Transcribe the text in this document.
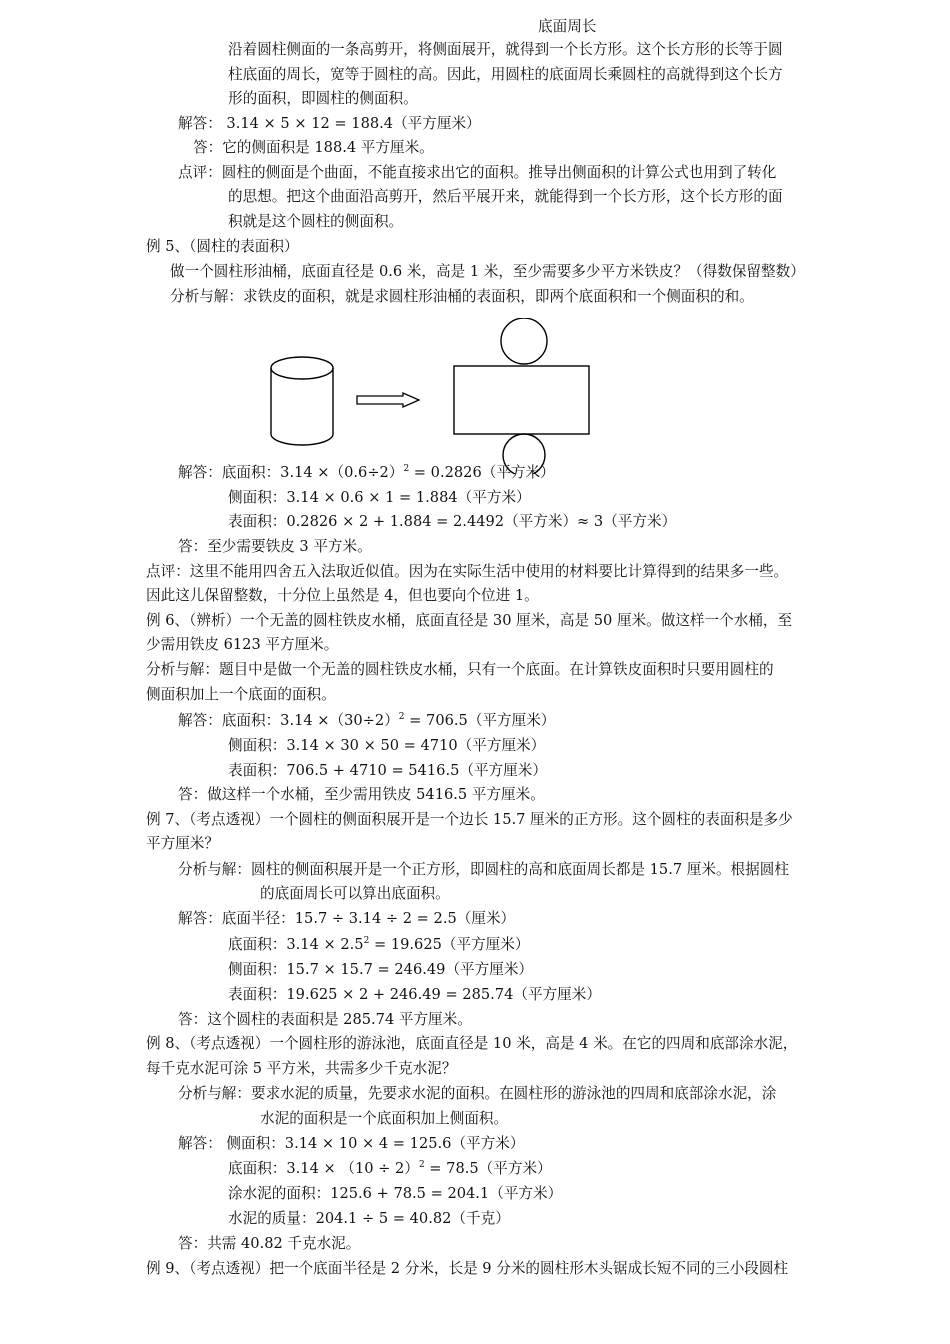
底面周长
沿着圆柱侧面的一条高剪开，将侧面展开，就得到一个长方形。这个长方形的长等于圆
柱底面的周长，宽等于圆柱的高。因此，用圆柱的底面周长乘圆柱的高就得到这个长方
形的面积，即圆柱的侧面积。
解答： 3.14 × 5 × 12 = 188.4（平方厘米）
答：它的侧面积是 188.4 平方厘米。
点评：圆柱的侧面是个曲面，不能直接求出它的面积。推导出侧面积的计算公式也用到了转化
的思想。把这个曲面沿高剪开，然后平展开来，就能得到一个长方形，这个长方形的面
积就是这个圆柱的侧面积。
例 5、（圆柱的表面积）
做一个圆柱形油桶，底面直径是 0.6 米，高是 1 米，至少需要多少平方米铁皮？（得数保留整数）
分析与解：求铁皮的面积，就是求圆柱形油桶的表面积，即两个底面积和一个侧面积的和。
解答：底面积：$3.14 \times(0.6\div 2)^2 = 0.2826$（平方米）
侧面积：3.14 × 0.6 × 1 = 1.884（平方米）
表面积：0.2826 × 2 + 1.884 = 2.4492（平方米）≈ 3（平方米）
答：至少需要铁皮 3 平方米。
点评：这里不能用四舍五入法取近似值。因为在实际生活中使用的材料要比计算得到的结果多一些。
因此这儿保留整数，十分位上虽然是 4，但也要向个位进 1。
例 6、（辨析）一个无盖的圆柱铁皮水桶，底面直径是 30 厘米，高是 50 厘米。做这样一个水桶，至
少需用铁皮 6123 平方厘米。
分析与解：题目中是做一个无盖的圆柱铁皮水桶，只有一个底面。在计算铁皮面积时只要用圆柱的
侧面积加上一个底面的面积。
解答：底面积：$3.14 \times(30\div 2)^2 = 706.5$（平方厘米）
侧面积：3.14 × 30 × 50 = 4710（平方厘米）
表面积：706.5 + 4710 = 5416.5（平方厘米）
答：做这样一个水桶，至少需用铁皮 5416.5 平方厘米。
例 7、（考点透视）一个圆柱的侧面积展开是一个边长 15.7 厘米的正方形。这个圆柱的表面积是多少
平方厘米？
分析与解：圆柱的侧面积展开是一个正方形，即圆柱的高和底面周长都是 15.7 厘米。根据圆柱
的底面周长可以算出底面积。
解答：底面半径：15.7 ÷ 3.14 ÷ 2 = 2.5（厘米）
底面积：$3.14 \times 2.5^2 = 19.625$（平方厘米）
侧面积：15.7 × 15.7 = 246.49（平方厘米）
表面积：19.625 × 2 + 246.49 = 285.74（平方厘米）
答：这个圆柱的表面积是 285.74 平方厘米。
例 8、（考点透视）一个圆柱形的游泳池，底面直径是 10 米，高是 4 米。在它的四周和底部涂水泥，
每千克水泥可涂 5 平方米，共需多少千克水泥？
分析与解：要求水泥的质量，先要求水泥的面积。在圆柱形的游泳池的四周和底部涂水泥，涂
水泥的面积是一个底面积加上侧面积。
解答： 侧面积：3.14 × 10 × 4 = 125.6（平方米）
底面积：$3.14 \times (10 \div 2)^2 = 78.5$（平方米）
涂水泥的面积：125.6 + 78.5 = 204.1（平方米）
水泥的质量：204.1 ÷ 5 = 40.82（千克）
答：共需 40.82 千克水泥。
例 9、（考点透视）把一个底面半径是 2 分米，长是 9 分米的圆柱形木头锯成长短不同的三小段圆柱
